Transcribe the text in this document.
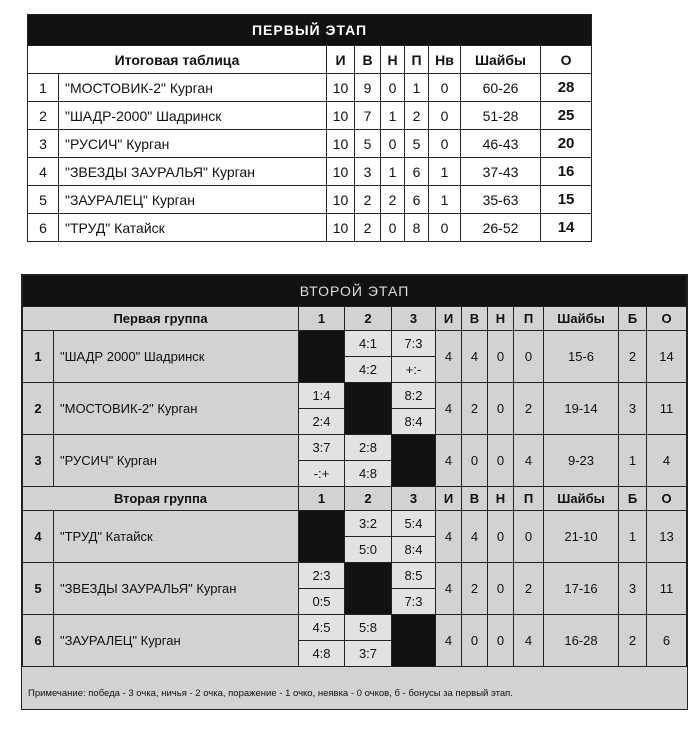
ПЕРВЫЙ ЭТАП								
Итоговая таблица		И	В	Н	П	Нв	Шайбы	О
1	"МОСТОВИК-2" Курган	10	9	0	1	0	60-26	28
2	"ШАДР-2000" Шадринск	10	7	1	2	0	51-28	25
3	"РУСИЧ" Курган	10	5	0	5	0	46-43	20
4	"ЗВЕЗДЫ ЗАУРАЛЬЯ" Курган	10	3	1	6	1	37-43	16
5	"ЗАУРАЛЕЦ" Курган	10	2	2	6	1	35-63	15
6	"ТРУД" Катайск	10	2	0	8	0	26-52	14
ВТОРОЙ ЭТАП											
Первая группа		1	2	3	И	В	Н	П	Шайбы	Б	О
1	"ШАДР 2000" Шадринск		4:1	7:3	4	4	0	0	15-6	2	14
			4:2	+:-							
2	"МОСТОВИК-2" Курган	1:4		8:2	4	2	0	2	19-14	3	11
		2:4		8:4							
3	"РУСИЧ" Курган	3:7	2:8		4	0	0	4	9-23	1	4
		-:+	4:8								
Вторая группа		1	2	3	И	В	Н	П	Шайбы	Б	О
4	"ТРУД" Катайск		3:2	5:4	4	4	0	0	21-10	1	13
			5:0	8:4							
5	"ЗВЕЗДЫ ЗАУРАЛЬЯ" Курган	2:3		8:5	4	2	0	2	17-16	3	11
		0:5		7:3							
6	"ЗАУРАЛЕЦ" Курган	4:5	5:8		4	0	0	4	16-28	2	6
		4:8	3:7								
Примечание: победа - 3 очка, ничья - 2 очка, поражение - 1 очко, неявка - 0 очков, б - бонусы за первый этап.
